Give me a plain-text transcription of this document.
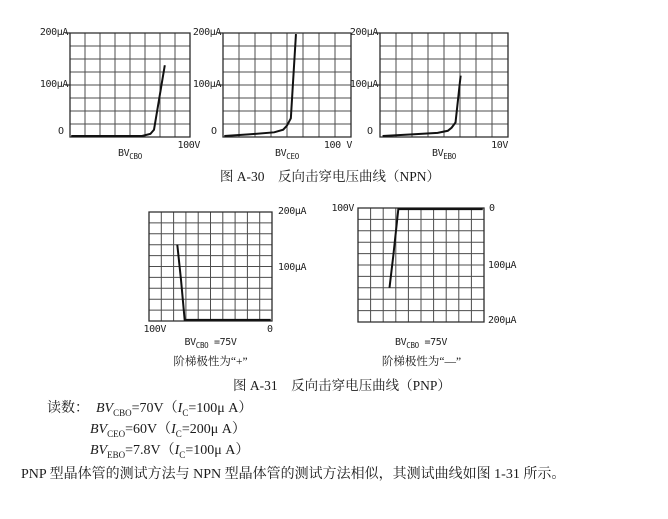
200μA
100μA
O
100V
$BV_{CBO}$
200μA
100μA
O
100 V
$BV_{CEO}$
200μA
100μA
O
10V
$BV_{EBO}$
图 A-30　反向击穿电压曲线（NPN）
200μA
100μA
100V	0
$BV_{CBO} =75V$
阶梯极性为“+”
100V	0
100μA
200μA
$BV_{CBO} =75V$
阶梯极性为“—”
图 A-31　反向击穿电压曲线（PNP）
读数： $BV_{CBO}=70V(I_C=100\mu$ A）
$BV_{CEO}=60V(I_C=200\mu$ A）
$BV_{EBO}=7.8V(I_C=100\mu$ A）
PNP 型晶体管的测试方法与 NPN 型晶体管的测试方法相似，其测试曲线如图 1-31 所示。
